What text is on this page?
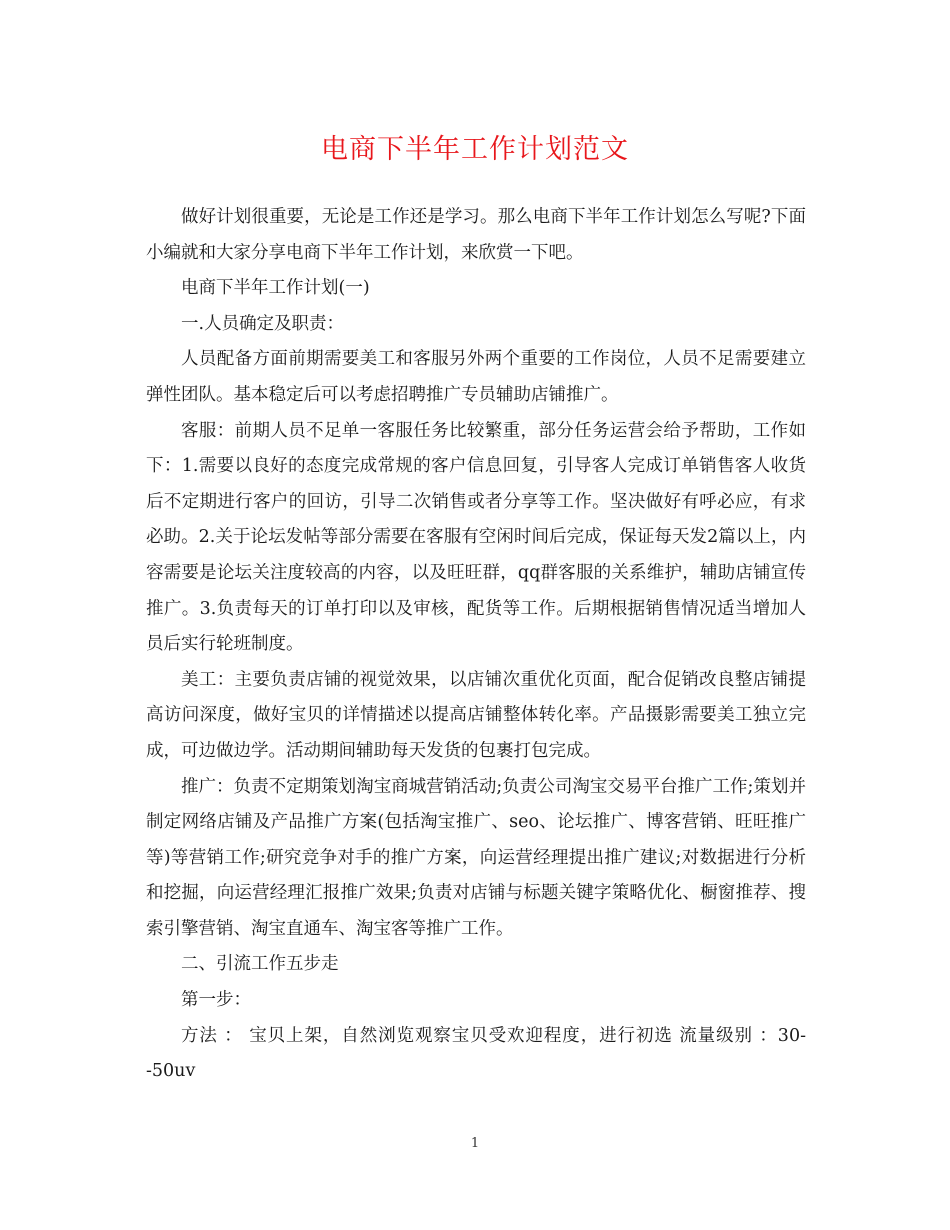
电商下半年工作计划范文

做好计划很重要，无论是工作还是学习。那么电商下半年工作计划怎么写呢?下面小编就和大家分享电商下半年工作计划，来欣赏一下吧。

电商下半年工作计划(一)

一.人员确定及职责：

人员配备方面前期需要美工和客服另外两个重要的工作岗位，人员不足需要建立弹性团队。基本稳定后可以考虑招聘推广专员辅助店铺推广。

客服：前期人员不足单一客服任务比较繁重，部分任务运营会给予帮助，工作如下：1.需要以良好的态度完成常规的客户信息回复，引导客人完成订单销售客人收货后不定期进行客户的回访，引导二次销售或者分享等工作。坚决做好有呼必应，有求必助。2.关于论坛发帖等部分需要在客服有空闲时间后完成，保证每天发2篇以上，内容需要是论坛关注度较高的内容，以及旺旺群，qq群客服的关系维护，辅助店铺宣传推广。3.负责每天的订单打印以及审核，配货等工作。后期根据销售情况适当增加人员后实行轮班制度。

美工：主要负责店铺的视觉效果，以店铺次重优化页面，配合促销改良整店铺提高访问深度，做好宝贝的详情描述以提高店铺整体转化率。产品摄影需要美工独立完成，可边做边学。活动期间辅助每天发货的包裹打包完成。

推广：负责不定期策划淘宝商城营销活动;负责公司淘宝交易平台推广工作;策划并制定网络店铺及产品推广方案(包括淘宝推广、seo、论坛推广、博客营销、旺旺推广等)等营销工作;研究竞争对手的推广方案，向运营经理提出推广建议;对数据进行分析和挖掘，向运营经理汇报推广效果;负责对店铺与标题关键字策略优化、橱窗推荐、搜索引擎营销、淘宝直通车、淘宝客等推广工作。

二、引流工作五步走

第一步：

方法 ： 宝贝上架，自然浏览观察宝贝受欢迎程度，进行初选 流量级别 ：30--50uv

1
